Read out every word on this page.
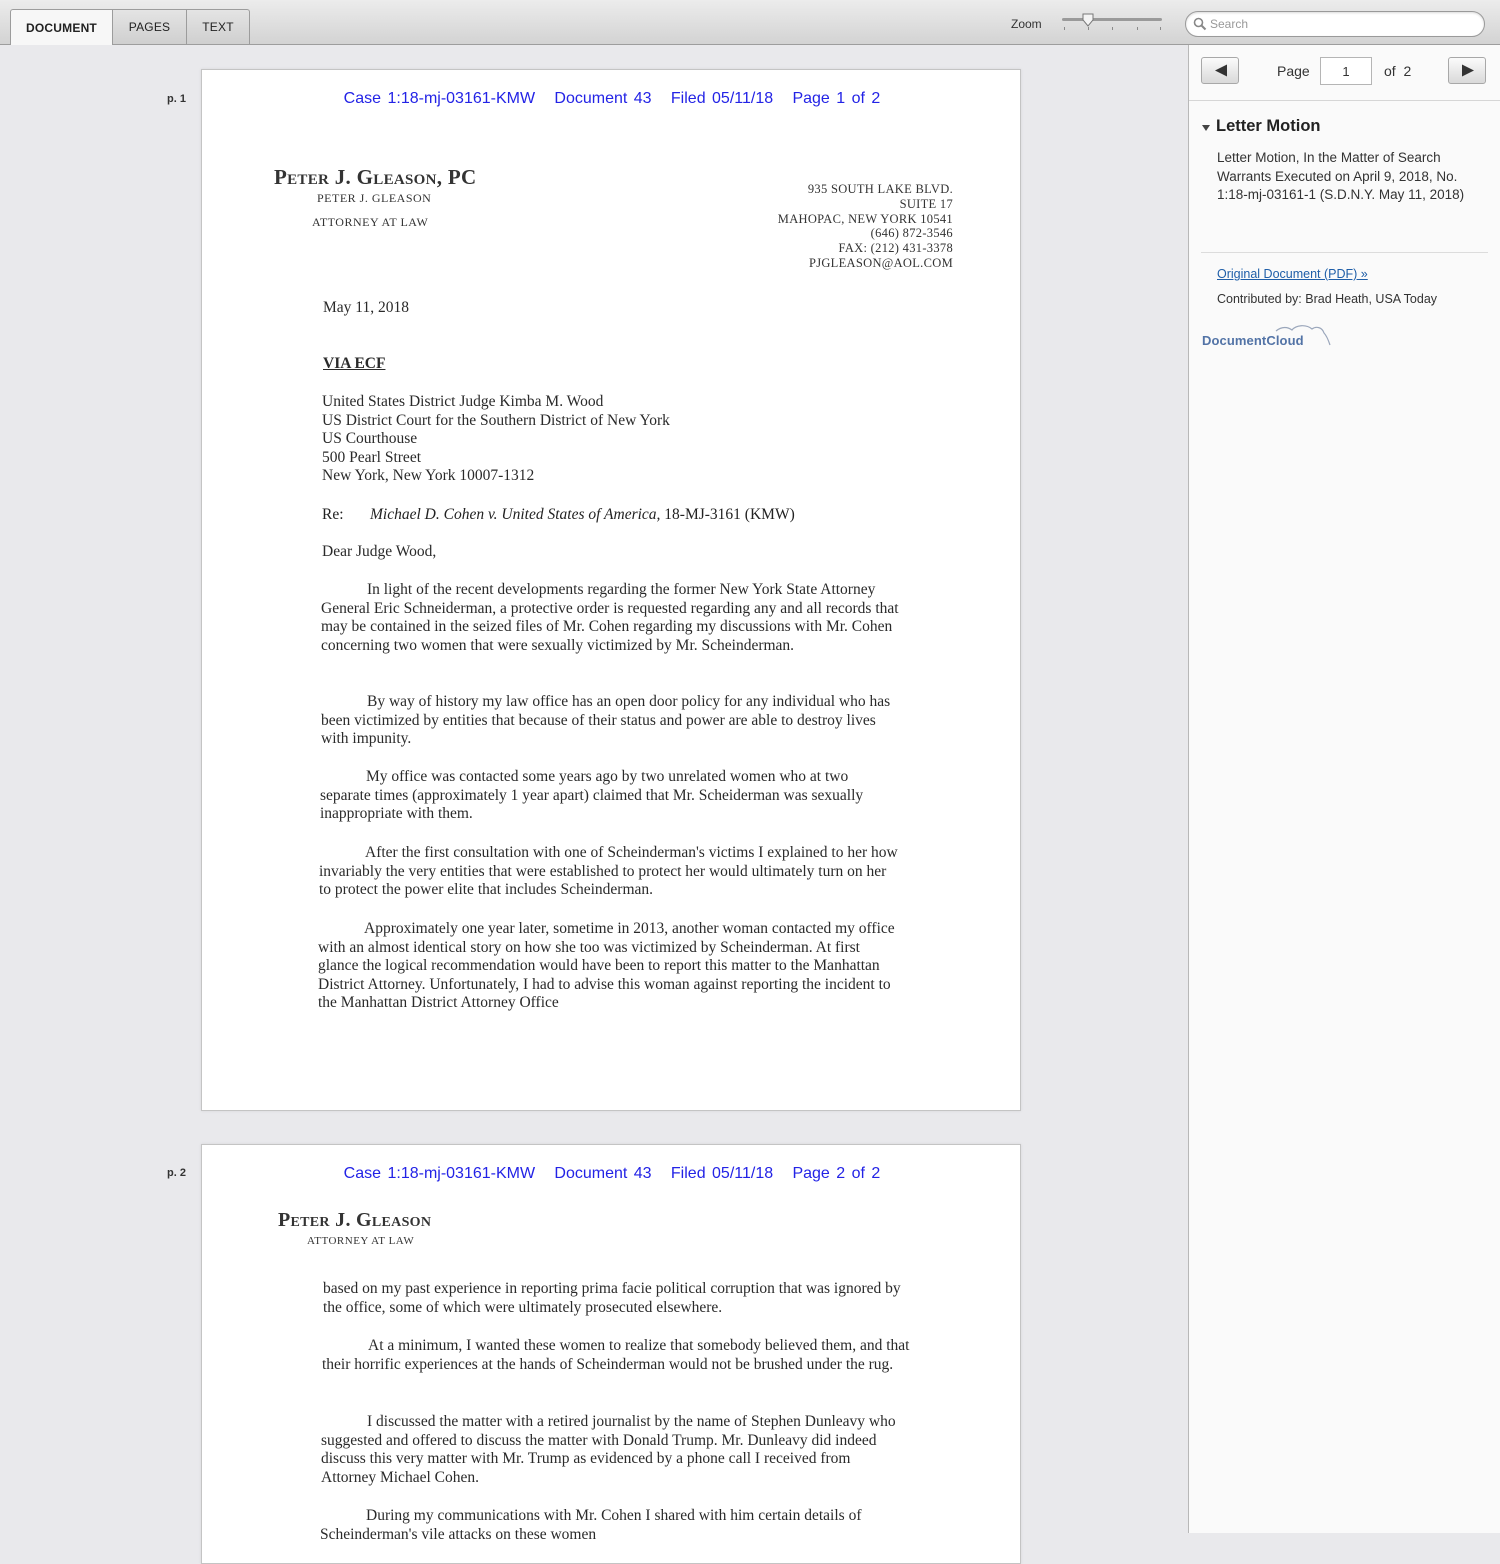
DOCUMENT	PAGES	TEXT	Zoom
Search
p. 1	Case 1:18-mj-03161-KMW   Document 43   Filed 05/11/18   Page 1 of 2
Peter J. Gleason, PC
PETER J. GLEASON
ATTORNEY AT LAW
935 SOUTH LAKE BLVD.
SUITE 17
MAHOPAC, NEW YORK 10541
(646) 872-3546
FAX: (212) 431-3378
PJGLEASON@AOL.COM
May 11, 2018
VIA ECF
United States District Judge Kimba M. Wood
US District Court for the Southern District of New York
US Courthouse
500 Pearl Street
New York, New York 10007-1312
Re: Michael D. Cohen v. United States of America, 18-MJ-3161 (KMW)
Dear Judge Wood,
In light of the recent developments regarding the former New York State Attorney General Eric Schneiderman, a protective order is requested regarding any and all records that may be contained in the seized files of Mr. Cohen regarding my discussions with Mr. Cohen concerning two women that were sexually victimized by Mr. Scheinderman.
By way of history my law office has an open door policy for any individual who has been victimized by entities that because of their status and power are able to destroy lives with impunity.
My office was contacted some years ago by two unrelated women who at two separate times (approximately 1 year apart) claimed that Mr. Scheiderman was sexually inappropriate with them.
After the first consultation with one of Scheinderman's victims I explained to her how invariably the very entities that were established to protect her would ultimately turn on her to protect the power elite that includes Scheinderman.
Approximately one year later, sometime in 2013, another woman contacted my office with an almost identical story on how she too was victimized by Scheinderman. At first glance the logical recommendation would have been to report this matter to the Manhattan District Attorney. Unfortunately, I had to advise this woman against reporting the incident to the Manhattan District Attorney Office
p. 2	Case 1:18-mj-03161-KMW   Document 43   Filed 05/11/18   Page 2 of 2
Peter J. Gleason
ATTORNEY AT LAW
based on my past experience in reporting prima facie political corruption that was ignored by the office, some of which were ultimately prosecuted elsewhere.
At a minimum, I wanted these women to realize that somebody believed them, and that their horrific experiences at the hands of Scheinderman would not be brushed under the rug.
I discussed the matter with a retired journalist by the name of Stephen Dunleavy who suggested and offered to discuss the matter with Donald Trump. Mr. Dunleavy did indeed discuss this very matter with Mr. Trump as evidenced by a phone call I received from Attorney Michael Cohen.
During my communications with Mr. Cohen I shared with him certain details of Scheinderman's vile attacks on these women
Page
1	of 2
Letter Motion
Letter Motion, In the Matter of Search Warrants Executed on April 9, 2018, No. 1:18-mj-03161-1 (S.D.N.Y. May 11, 2018)
Original Document (PDF) »
Contributed by: Brad Heath, USA Today
DocumentCloud
